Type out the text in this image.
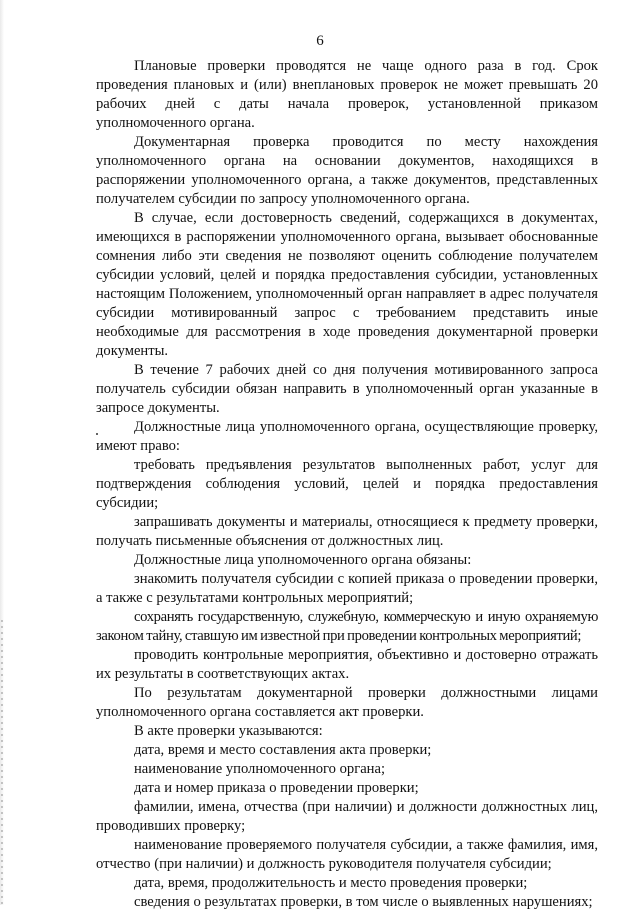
6

Плановые проверки проводятся не чаще одного раза в год. Срок проведения плановых и (или) внеплановых проверок не может превышать 20 рабочих дней с даты начала проверок, установленной приказом уполномоченного органа.

Документарная проверка проводится по месту нахождения уполномоченного органа на основании документов, находящихся в распоряжении уполномоченного органа, а также документов, представленных получателем субсидии по запросу уполномоченного органа.

В случае, если достоверность сведений, содержащихся в документах, имеющихся в распоряжении уполномоченного органа, вызывает обоснованные сомнения либо эти сведения не позволяют оценить соблюдение получателем субсидии условий, целей и порядка предоставления субсидии, установленных настоящим Положением, уполномоченный орган направляет в адрес получателя субсидии мотивированный запрос с требованием представить иные необходимые для рассмотрения в ходе проведения документарной проверки документы.

В течение 7 рабочих дней со дня получения мотивированного запроса получатель субсидии обязан направить в уполномоченный орган указанные в запросе документы.

Должностные лица уполномоченного органа, осуществляющие проверку, имеют право:

требовать предъявления результатов выполненных работ, услуг для подтверждения соблюдения условий, целей и порядка предоставления субсидии;

запрашивать документы и материалы, относящиеся к предмету проверки, получать письменные объяснения от должностных лиц.

Должностные лица уполномоченного органа обязаны:

знакомить получателя субсидии с копией приказа о проведении проверки, а также с результатами контрольных мероприятий;

сохранять государственную, служебную, коммерческую и иную охраняемую законом тайну, ставшую им известной при проведении контрольных мероприятий;

проводить контрольные мероприятия, объективно и достоверно отражать их результаты в соответствующих актах.

По результатам документарной проверки должностными лицами уполномоченного органа составляется акт проверки.

В акте проверки указываются:

дата, время и место составления акта проверки;

наименование уполномоченного органа;

дата и номер приказа о проведении проверки;

фамилии, имена, отчества (при наличии) и должности должностных лиц, проводивших проверку;

наименование проверяемого получателя субсидии, а также фамилия, имя, отчество (при наличии) и должность руководителя получателя субсидии;

дата, время, продолжительность и место проведения проверки;

сведения о результатах проверки, в том числе о выявленных нарушениях;
